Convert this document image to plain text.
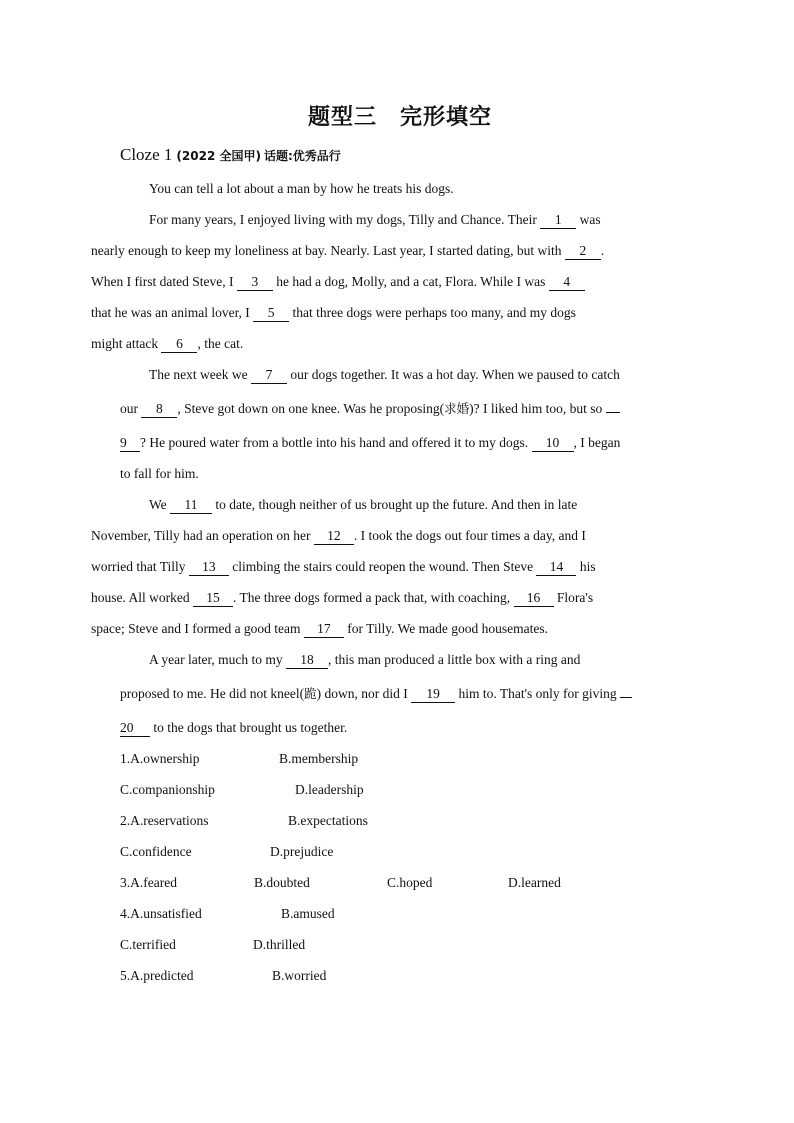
题型三　完形填空
Cloze 1 (2022 全国甲) 话题:优秀品行

You can tell a lot about a man by how he treats his dogs.

For many years, I enjoyed living with my dogs, Tilly and Chance. Their 1 was
nearly enough to keep my loneliness at bay. Nearly. Last year, I started dating, but with 2 .
When I first dated Steve, I 3 he had a dog, Molly, and a cat, Flora. While I was 4
that he was an animal lover, I 5 that three dogs were perhaps too many, and my dogs
might attack 6 , the cat.

The next week we 7 our dogs together. It was a hot day. When we paused to catch
our 8 , Steve got down on one knee. Was he proposing(求婚)? I liked him too, but so
9 ? He poured water from a bottle into his hand and offered it to my dogs. 10 , I began
to fall for him.

We 11 to date, though neither of us brought up the future. And then in late
November, Tilly had an operation on her 12 . I took the dogs out four times a day, and I
worried that Tilly 13 climbing the stairs could reopen the wound. Then Steve 14 his
house. All worked 15 . The three dogs formed a pack that, with coaching, 16 Flora's
space; Steve and I formed a good team 17 for Tilly. We made good housemates.

A year later, much to my 18 , this man produced a little box with a ring and
proposed to me. He did not kneel(跪) down, nor did I 19 him to. That's only for giving
20 to the dogs that brought us together.

1.A.ownership	B.membership
C.companionship	D.leadership
2.A.reservations	B.expectations
C.confidence	D.prejudice
3.A.feared	B.doubted	C.hoped	D.learned
4.A.unsatisfied	B.amused
C.terrified	D.thrilled
5.A.predicted	B.worried
